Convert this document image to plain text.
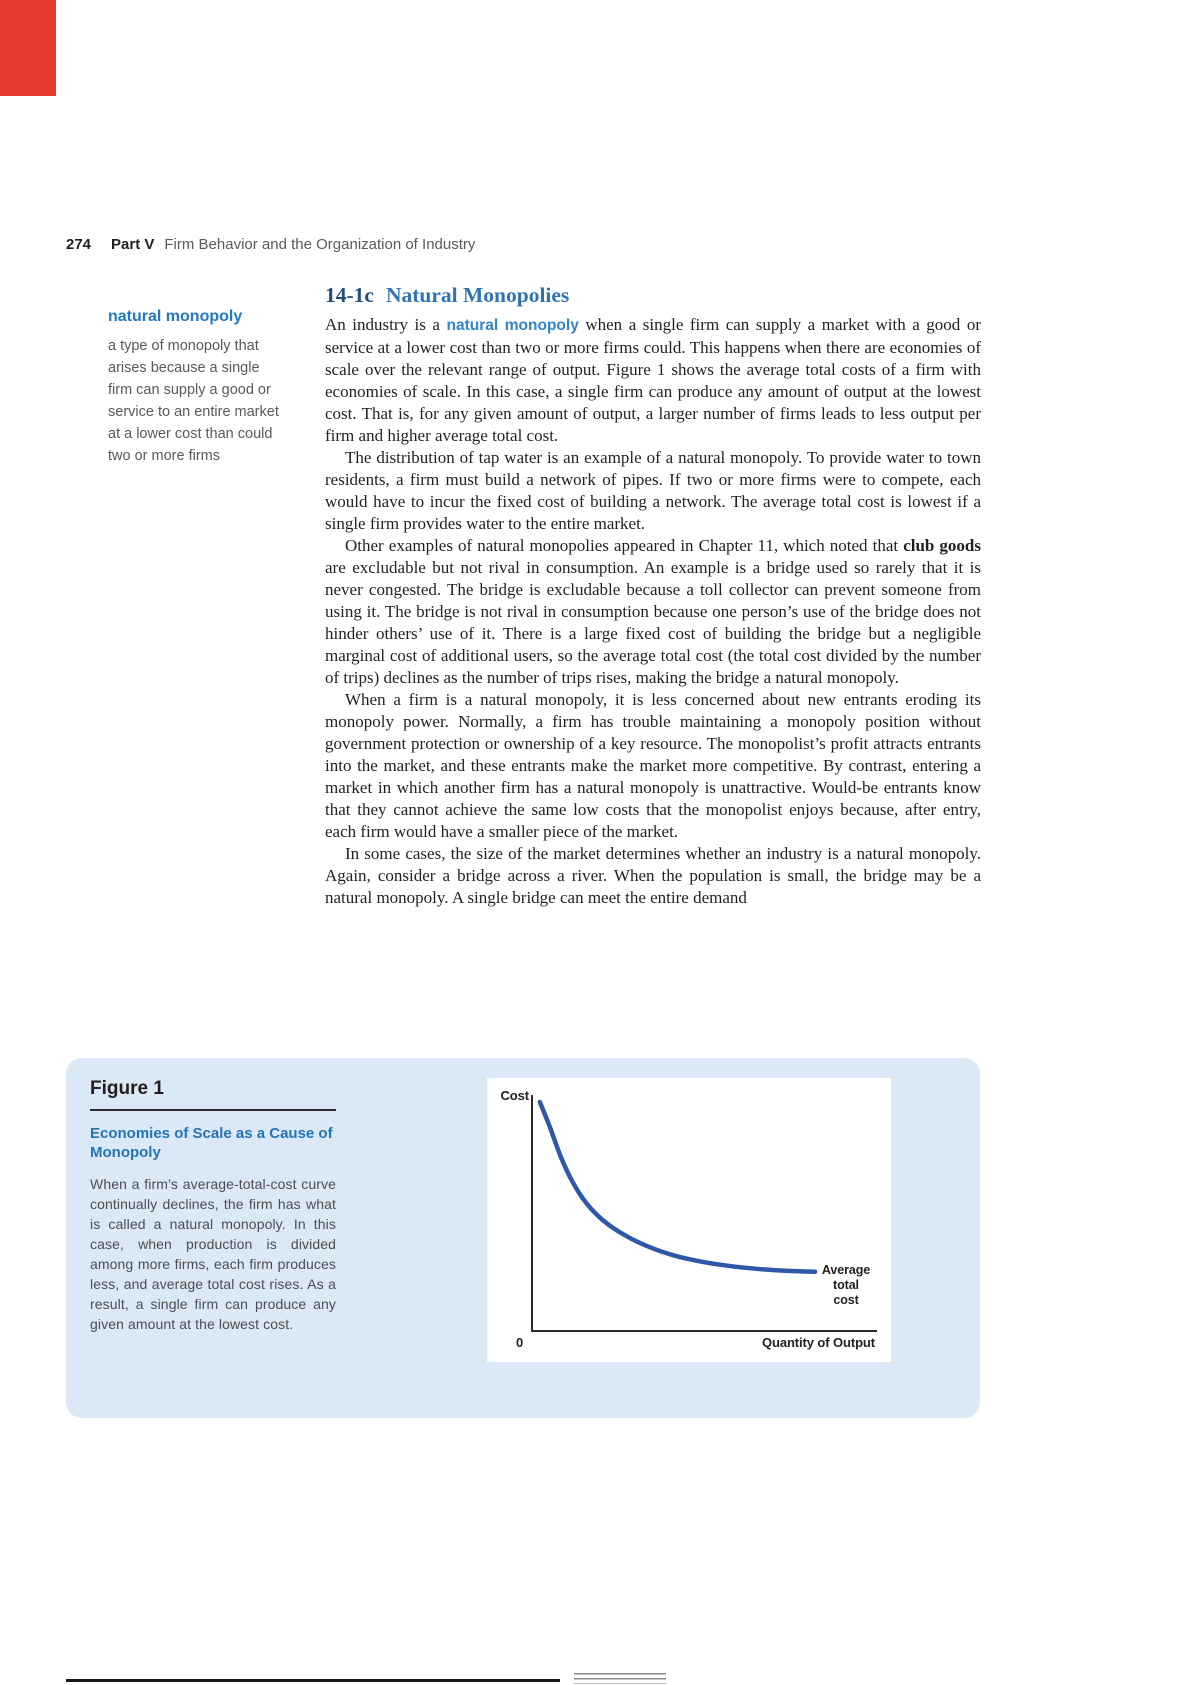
274 Part V Firm Behavior and the Organization of Industry
natural monopoly
a type of monopoly that arises because a single firm can supply a good or service to an entire market at a lower cost than could two or more firms
14-1c Natural Monopolies

An industry is a natural monopoly when a single firm can supply a market with a good or service at a lower cost than two or more firms could. This happens when there are economies of scale over the relevant range of output. Figure 1 shows the average total costs of a firm with economies of scale. In this case, a single firm can produce any amount of output at the lowest cost. That is, for any given amount of output, a larger number of firms leads to less output per firm and higher average total cost.

The distribution of tap water is an example of a natural monopoly. To provide water to town residents, a firm must build a network of pipes. If two or more firms were to compete, each would have to incur the fixed cost of building a network. The average total cost is lowest if a single firm provides water to the entire market.

Other examples of natural monopolies appeared in Chapter 11, which noted that club goods are excludable but not rival in consumption. An example is a bridge used so rarely that it is never congested. The bridge is excludable because a toll collector can prevent someone from using it. The bridge is not rival in consumption because one person’s use of the bridge does not hinder others’ use of it. There is a large fixed cost of building the bridge but a negligible marginal cost of additional users, so the average total cost (the total cost divided by the number of trips) declines as the number of trips rises, making the bridge a natural monopoly.

When a firm is a natural monopoly, it is less concerned about new entrants eroding its monopoly power. Normally, a firm has trouble maintaining a monopoly position without government protection or ownership of a key resource. The monopolist’s profit attracts entrants into the market, and these entrants make the market more competitive. By contrast, entering a market in which another firm has a natural monopoly is unattractive. Would-be entrants know that they cannot achieve the same low costs that the monopolist enjoys because, after entry, each firm would have a smaller piece of the market.

In some cases, the size of the market determines whether an industry is a natural monopoly. Again, consider a bridge across a river. When the population is small, the bridge may be a natural monopoly. A single bridge can meet the entire demand

Figure 1
Economies of Scale as a Cause of Monopoly
When a firm’s average-total-cost curve continually declines, the firm has what is called a natural monopoly. In this case, when production is divided among more firms, each firm produces less, and average total cost rises. As a result, a single firm can produce any given amount at the lowest cost.
Cost
0	Quantity of Output
Average
total
cost
